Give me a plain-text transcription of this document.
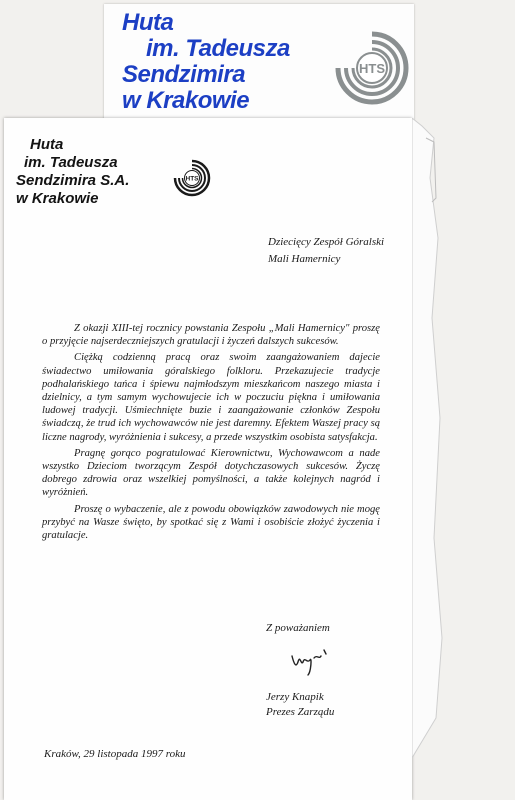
Huta
im. Tadeusza
Sendzimira
w Krakowie
HTS
Huta
im. Tadeusza
Sendzimira S.A.
w Krakowie
HTS
Dziecięcy Zespół Góralski
Mali Hamernicy

Z okazji XIII-tej rocznicy powstania Zespołu „Mali Hamernicy" proszę o przyjęcie najserdeczniejszych gratulacji i życzeń dalszych sukcesów.

Ciężką codzienną pracą oraz swoim zaangażowaniem dajecie świadectwo umiłowania góralskiego folkloru. Przekazujecie tradycje podhalańskiego tańca i śpiewu najmłodszym mieszkańcom naszego miasta i dzielnicy, a tym samym wychowujecie ich w poczuciu piękna i umiłowania ludowej tradycji. Uśmiechnięte buzie i zaangażowanie członków Zespołu świadczą, że trud ich wychowawców nie jest daremny. Efektem Waszej pracy są liczne nagrody, wyróżnienia i sukcesy, a przede wszystkim osobista satysfakcja.

Pragnę gorąco pogratulować Kierownictwu, Wychowawcom a nade wszystko Dzieciom tworzącym Zespół dotychczasowych sukcesów. Życzę dobrego zdrowia oraz wszelkiej pomyślności, a także kolejnych nagród i wyróżnień.

Proszę o wybaczenie, ale z powodu obowiązków zawodowych nie mogę przybyć na Wasze święto, by spotkać się z Wami i osobiście złożyć życzenia i gratulacje.

Z poważaniem
Jerzy Knapik
Prezes Zarządu
Kraków, 29 listopada 1997 roku
